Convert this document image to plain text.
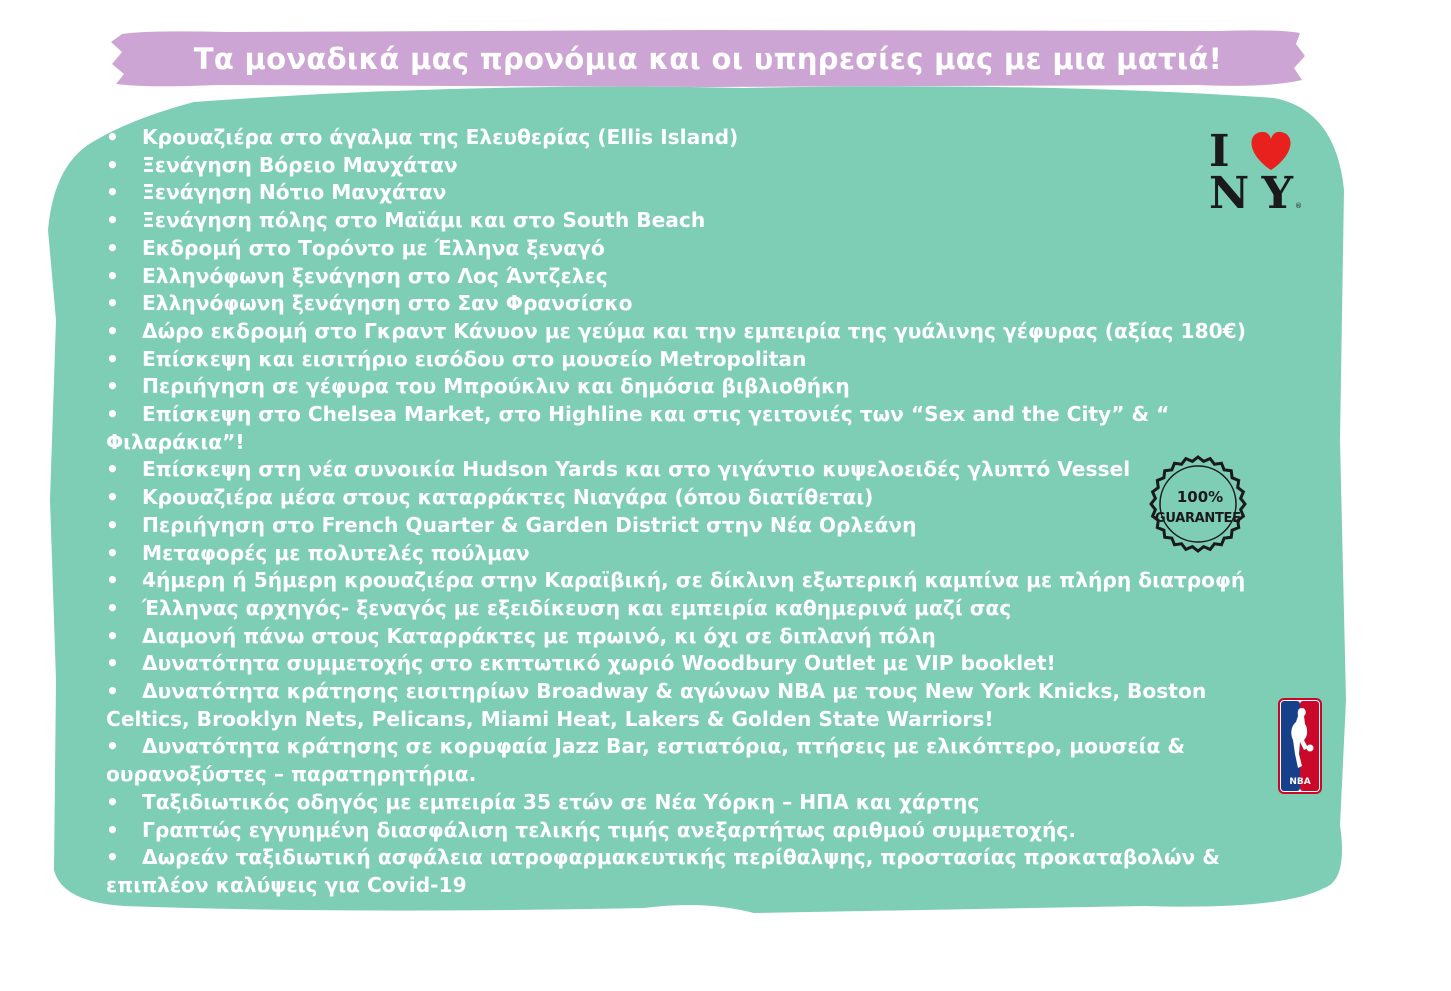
Τα μοναδικά μας προνόμια και οι υπηρεσίες μας με μια ματιά!
• Κρουαζιέρα στο άγαλμα της Ελευθερίας (Ellis Island)
• Ξενάγηση Βόρειο Μανχάταν
• Ξενάγηση Νότιο Μανχάταν
• Ξενάγηση πόλης στο Μαϊάμι και στο South Beach
• Εκδρομή στο Τορόντο με Έλληνα ξεναγό
• Ελληνόφωνη ξενάγηση στο Λος Άντζελες
• Ελληνόφωνη ξενάγηση στο Σαν Φρανσίσκο
• Δώρο εκδρομή στο Γκραντ Κάνυον με γεύμα και την εμπειρία της γυάλινης γέφυρας (αξίας 180€)
• Επίσκεψη και εισιτήριο εισόδου στο μουσείο Metropolitan
• Περιήγηση σε γέφυρα του Μπρούκλιν και δημόσια βιβλιοθήκη
• Επίσκεψη στο Chelsea Market, στο Highline και στις γειτονιές των “Sex and the City” & “ Φιλαράκια”!
• Επίσκεψη στη νέα συνοικία Hudson Yards και στο γιγάντιο κυψελοειδές γλυπτό Vessel
• Κρουαζιέρα μέσα στους καταρράκτες Νιαγάρα (όπου διατίθεται)
• Περιήγηση στο French Quarter & Garden District στην Νέα Ορλεάνη
• Μεταφορές με πολυτελές πούλμαν
• 4ήμερη ή 5ήμερη κρουαζιέρα στην Καραϊβική, σε δίκλινη εξωτερική καμπίνα με πλήρη διατροφή
• Έλληνας αρχηγός- ξεναγός με εξειδίκευση και εμπειρία καθημερινά μαζί σας
• Διαμονή πάνω στους Καταρράκτες με πρωινό, κι όχι σε διπλανή πόλη
• Δυνατότητα συμμετοχής στο εκπτωτικό χωριό Woodbury Outlet με VIP booklet!
• Δυνατότητα κράτησης εισιτηρίων Broadway & αγώνων NBA με τους New York Knicks, Boston Celtics, Brooklyn Nets, Pelicans, Miami Heat, Lakers & Golden State Warriors!
• Δυνατότητα κράτησης σε κορυφαία Jazz Bar, εστιατόρια, πτήσεις με ελικόπτερο, μουσεία & ουρανοξύστες – παρατηρητήρια.
• Ταξιδιωτικός οδηγός με εμπειρία 35 ετών σε Νέα Υόρκη – ΗΠΑ και χάρτης
• Γραπτώς εγγυημένη διασφάλιση τελικής τιμής ανεξαρτήτως αριθμού συμμετοχής.
• Δωρεάν ταξιδιωτική ασφάλεια ιατροφαρμακευτικής περίθαλψης, προστασίας προκαταβολών & επιπλέον καλύψεις για Covid-19
I
NY ®
100%
GUARANTEE
NBA
